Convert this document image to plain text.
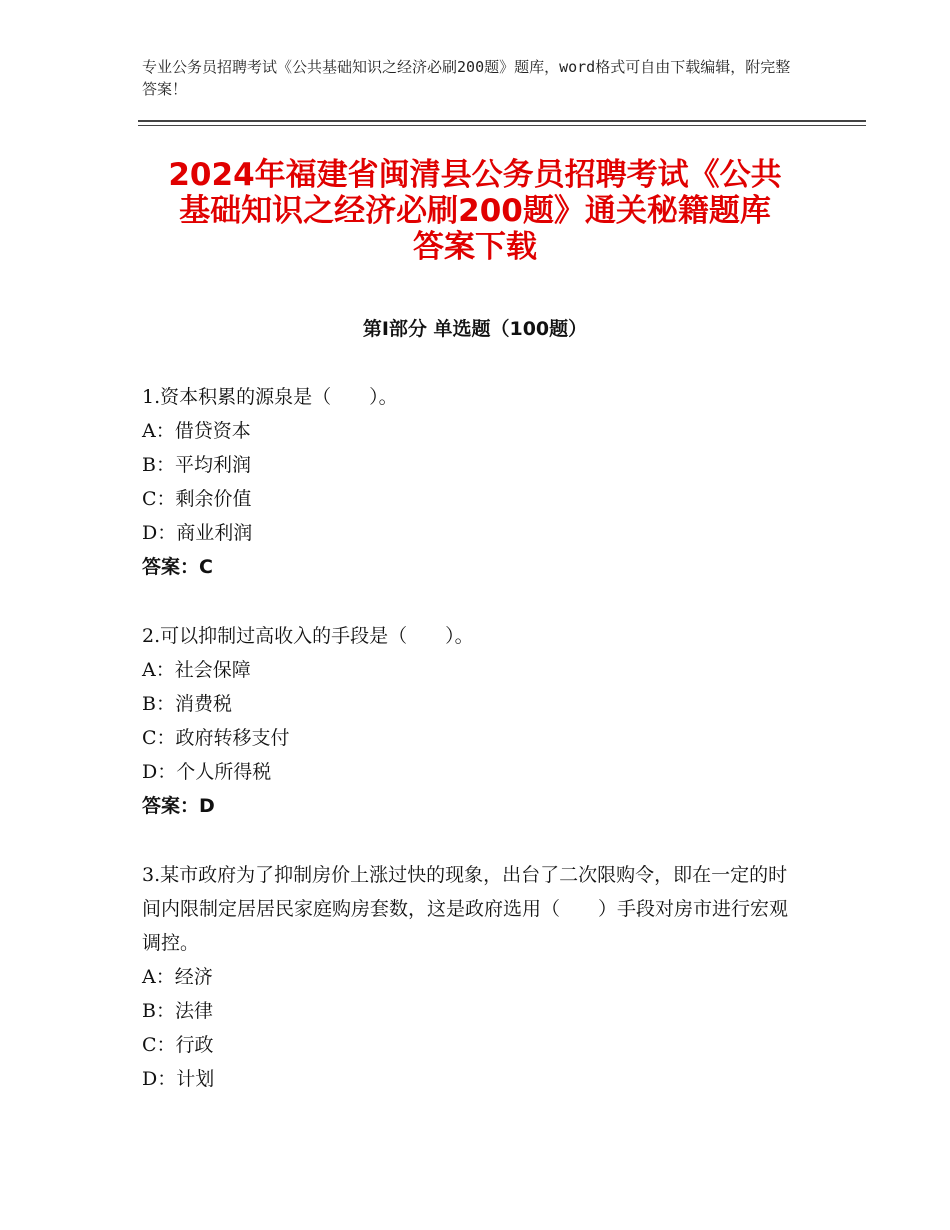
专业公务员招聘考试《公共基础知识之经济必刷200题》题库，word格式可自由下载编辑，附完整答案！
2024年福建省闽清县公务员招聘考试《公共
基础知识之经济必刷200题》通关秘籍题库
答案下载
第Ⅰ部分 单选题（100题）
1.资本积累的源泉是（　　）。
A：借贷资本
B：平均利润
C：剩余价值
D：商业利润
答案：C
2.可以抑制过高收入的手段是（　　）。
A：社会保障
B：消费税
C：政府转移支付
D：个人所得税
答案：D
3.某市政府为了抑制房价上涨过快的现象，出台了二次限购令，即在一定的时间内限制定居居民家庭购房套数，这是政府选用（　　）手段对房市进行宏观调控。
A：经济
B：法律
C：行政
D：计划
